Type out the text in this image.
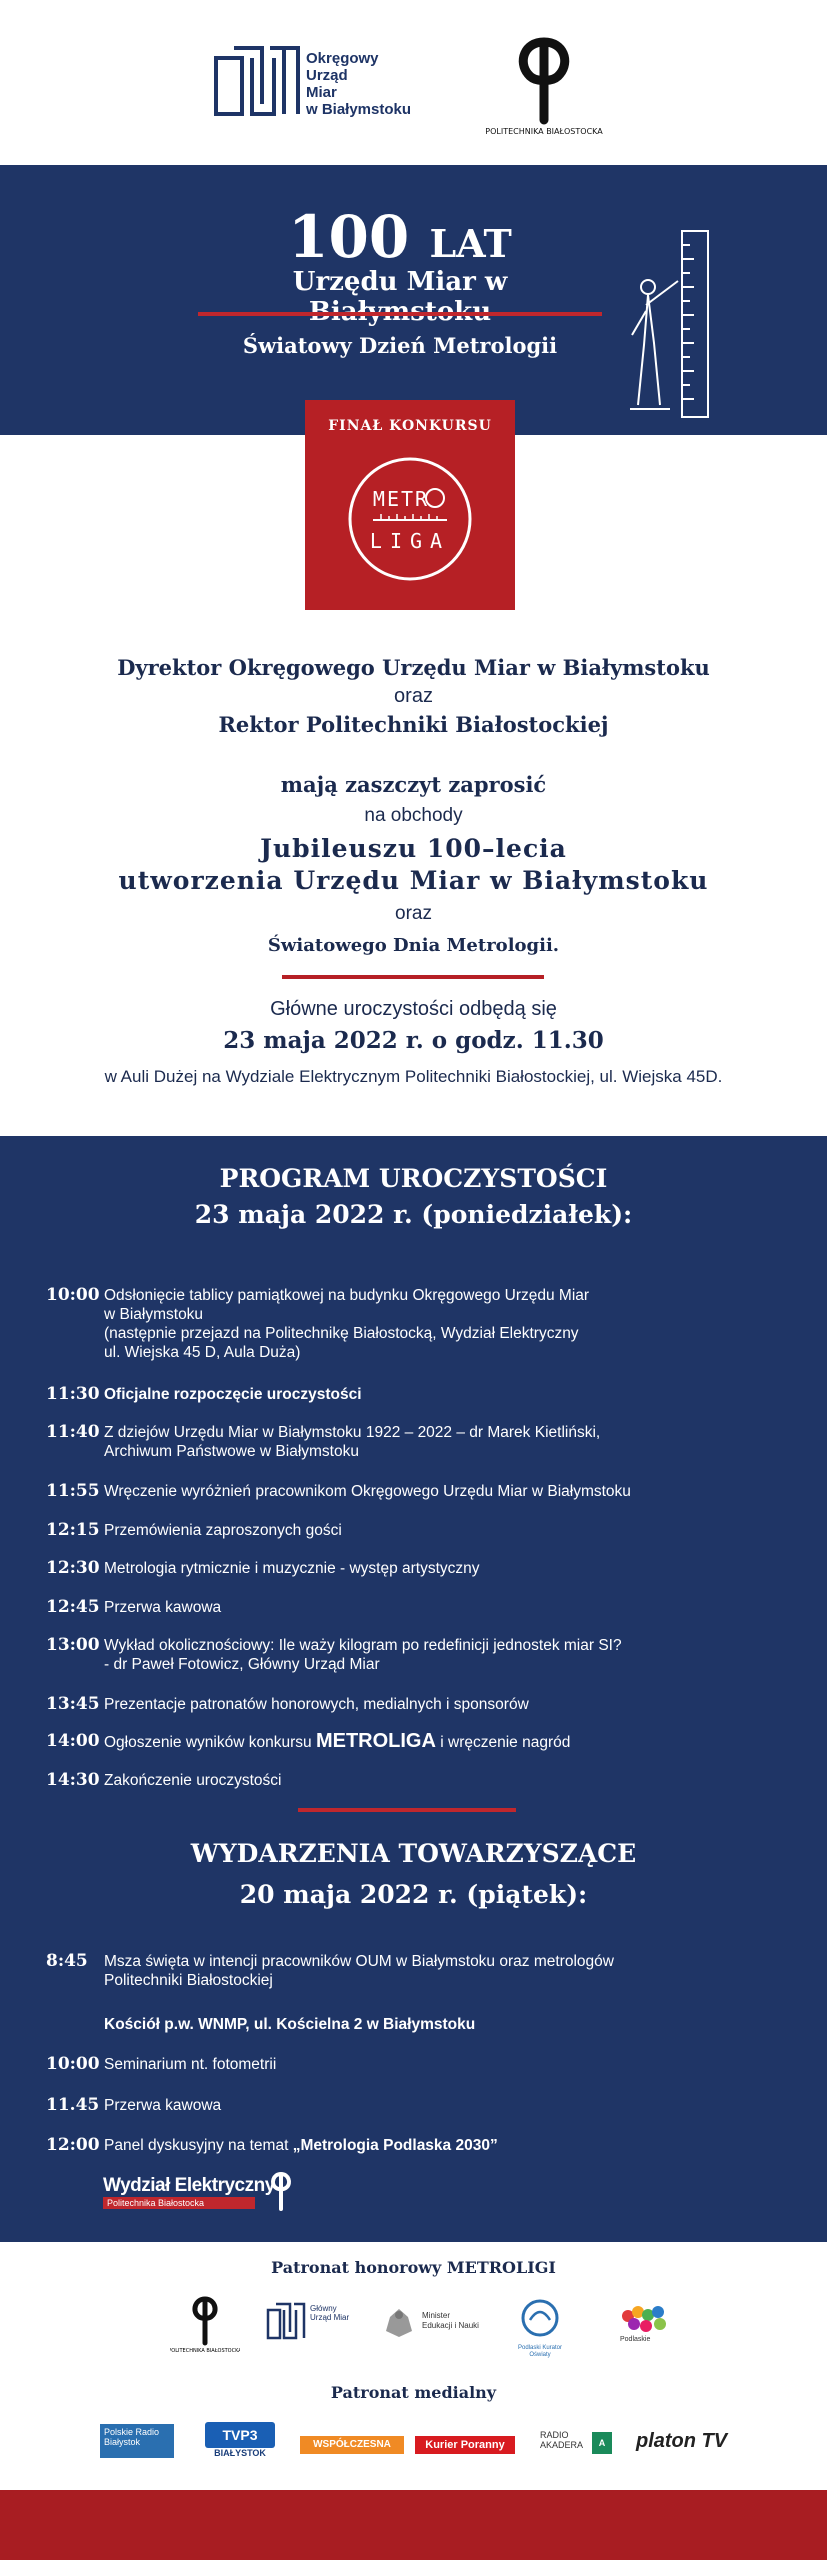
Okręgowy
Urząd
Miar
w Białymstoku
POLITECHNIKA BIAŁOSTOCKA
100 LAT
Urzędu Miar w
Światowy Dzień Metrologii
FINAŁ KONKURSU
METR
LIGA
Dyrektor Okręgowego Urzędu Miar w Białymstoku
oraz
Rektor Politechniki Białostockiej
mają zaszczyt zaprosić
na obchody
Jubileuszu 100–lecia
utworzenia Urzędu Miar w Białymstoku
oraz
Światowego Dnia Metrologii.
Główne uroczystości odbędą się
23 maja 2022 r. o godz. 11.30
w Auli Dużej na Wydziale Elektrycznym Politechniki Białostockiej, ul. Wiejska 45D.
PROGRAM UROCZYSTOŚCI
23 maja 2022 r. (poniedziałek):
10:00 Odsłonięcie tablicy pamiątkowej na budynku Okręgowego Urzędu Miar
w Białymstoku
(następnie przejazd na Politechnikę Białostocką, Wydział Elektryczny
ul. Wiejska 45 D, Aula Duża)
11:30 Oficjalne rozpoczęcie uroczystości
11:40 Z dziejów Urzędu Miar w Białymstoku 1922 – 2022 – dr Marek Kietliński,
Archiwum Państwowe w Białymstoku
11:55 Wręczenie wyróżnień pracownikom Okręgowego Urzędu Miar w Białymstoku
12:15 Przemówienia zaproszonych gości
12:30 Metrologia rytmicznie i muzycznie - występ artystyczny
12:45 Przerwa kawowa
13:00 Wykład okolicznościowy: Ile waży kilogram po redefinicji jednostek miar SI?
- dr Paweł Fotowicz, Główny Urząd Miar
13:45 Prezentacje patronatów honorowych, medialnych i sponsorów
14:00 Ogłoszenie wyników konkursu METROLIGA i wręczenie nagród
14:30 Zakończenie uroczystości
WYDARZENIA TOWARZYSZĄCE
20 maja 2022 r. (piątek):
8:45 Msza święta w intencji pracowników OUM w Białymstoku oraz metrologów
Politechniki Białostockiej
Kościół p.w. WNMP, ul. Kościelna 2 w Białymstoku
10:00 Seminarium nt. fotometrii
11.45 Przerwa kawowa
12:00 Panel dyskusyjny na temat „Metrologia Podlaska 2030”
Wydział Elektryczny
Politechnika Białostocka
Patronat honorowy METROLIGI
POLITECHNIKA BIAŁOSTOCKA
Główny Urząd Miar	Minister Edukacji i Nauki
Podlaski Kurator Oświaty
Podlaskie
Patronat medialny
Polskie Radio Białystok	TVP3
BIAŁYSTOK
WSPÓŁCZESNA	Kurier Poranny
RADIO AKADERA	A	platon TV
